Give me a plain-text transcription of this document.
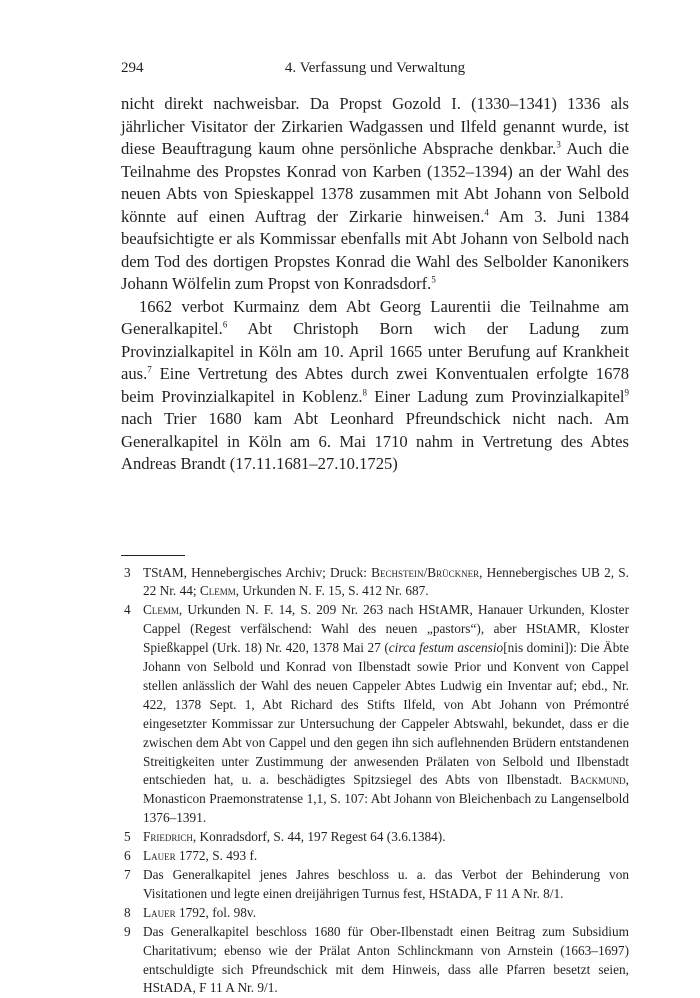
294	4. Verfassung und Verwaltung

nicht direkt nachweisbar. Da Propst Gozold I. (1330–1341) 1336 als jährlicher Visitator der Zirkarien Wadgassen und Ilfeld genannt wurde, ist diese Beauftragung kaum ohne persönliche Absprache denkbar.$^3$ Auch die Teilnahme des Propstes Konrad von Karben (1352–1394) an der Wahl des neuen Abts von Spieskappel 1378 zusammen mit Abt Johann von Selbold könnte auf einen Auftrag der Zirkarie hinweisen.$^4$ Am 3. Juni 1384 beaufsichtigte er als Kommissar ebenfalls mit Abt Johann von Selbold nach dem Tod des dortigen Propstes Konrad die Wahl des Selbolder Kanonikers Johann Wölfelin zum Propst von Konradsdorf.$^5$

1662 verbot Kurmainz dem Abt Georg Laurentii die Teilnahme am Generalkapitel.$^6$ Abt Christoph Born wich der Ladung zum Provinzialkapitel in Köln am 10. April 1665 unter Berufung auf Krankheit aus.$^7$ Eine Vertretung des Abtes durch zwei Konventualen erfolgte 1678 beim Provinzialkapitel in Koblenz.$^8$ Einer Ladung zum Provinzialkapitel$^9$ nach Trier 1680 kam Abt Leonhard Pfreundschick nicht nach. Am Generalkapitel in Köln am 6. Mai 1710 nahm in Vertretung des Abtes Andreas Brandt (17.11.1681–27.10.1725)

3 TStAM, Hennebergisches Archiv; Druck: Bechstein/Brückner, Hennebergisches UB 2, S. 22 Nr. 44; Clemm, Urkunden N. F. 15, S. 412 Nr. 687.
4 Clemm, Urkunden N. F. 14, S. 209 Nr. 263 nach HStAMR, Hanauer Urkunden, Kloster Cappel (Regest verfälschend: Wahl des neuen „pastors“), aber HStAMR, Kloster Spießkappel (Urk. 18) Nr. 420, 1378 Mai 27 (circa festum ascensio[nis domini]): Die Äbte Johann von Selbold und Konrad von Ilbenstadt sowie Prior und Konvent von Cappel stellen anlässlich der Wahl des neuen Cappeler Abtes Ludwig ein Inventar auf; ebd., Nr. 422, 1378 Sept. 1, Abt Richard des Stifts Ilfeld, von Abt Johann von Prémontré eingesetzter Kommissar zur Untersuchung der Cappeler Abtswahl, bekundet, dass er die zwischen dem Abt von Cappel und den gegen ihn sich auflehnenden Brüdern entstandenen Streitigkeiten unter Zustimmung der anwesenden Prälaten von Selbold und Ilbenstadt entschieden hat, u. a. beschädigtes Spitzsiegel des Abts von Ilbenstadt. Backmund, Monasticon Praemonstratense 1,1, S. 107: Abt Johann von Bleichenbach zu Langenselbold 1376–1391.
5 Friedrich, Konradsdorf, S. 44, 197 Regest 64 (3.6.1384).
6 Lauer 1772, S. 493 f.
7 Das Generalkapitel jenes Jahres beschloss u. a. das Verbot der Behinderung von Visitationen und legte einen dreijährigen Turnus fest, HStADA, F 11 A Nr. 8/1.
8 Lauer 1792, fol. 98v.
9 Das Generalkapitel beschloss 1680 für Ober-Ilbenstadt einen Beitrag zum Subsidium Charitativum; ebenso wie der Prälat Anton Schlinckmann von Arnstein (1663–1697) entschuldigte sich Pfreundschick mit dem Hinweis, dass alle Pfarren besetzt seien, HStADA, F 11 A Nr. 9/1.
